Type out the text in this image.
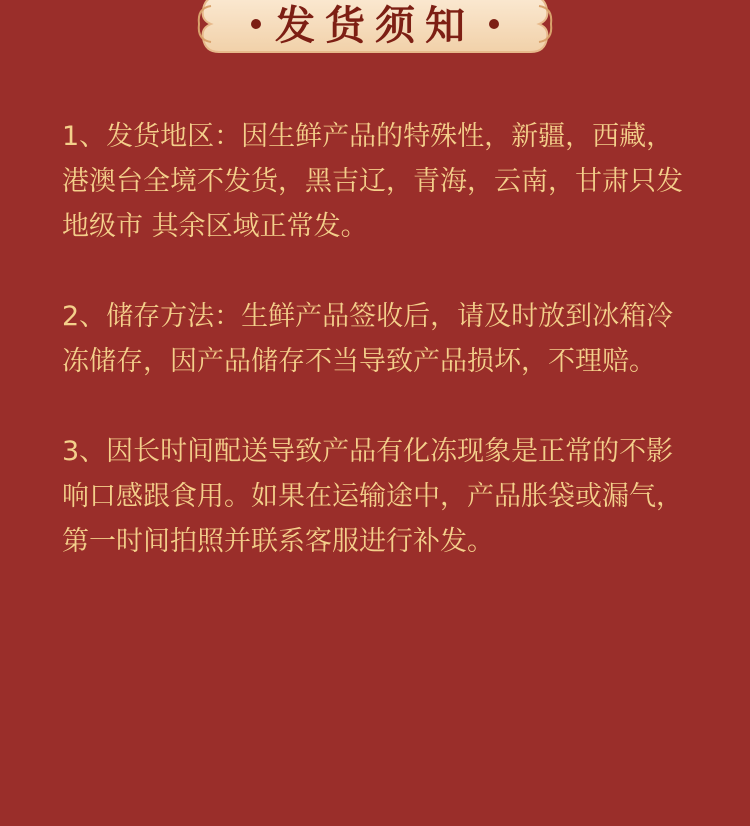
发货须知

1、发货地区：因生鲜产品的特殊性，新疆，西藏，港澳台全境不发货，黑吉辽，青海，云南，甘肃只发地级市 其余区域正常发。

2、储存方法：生鲜产品签收后，请及时放到冰箱冷冻储存，因产品储存不当导致产品损坏，不理赔。

3、因长时间配送导致产品有化冻现象是正常的不影响口感跟食用。如果在运输途中，产品胀袋或漏气，第一时间拍照并联系客服进行补发。
